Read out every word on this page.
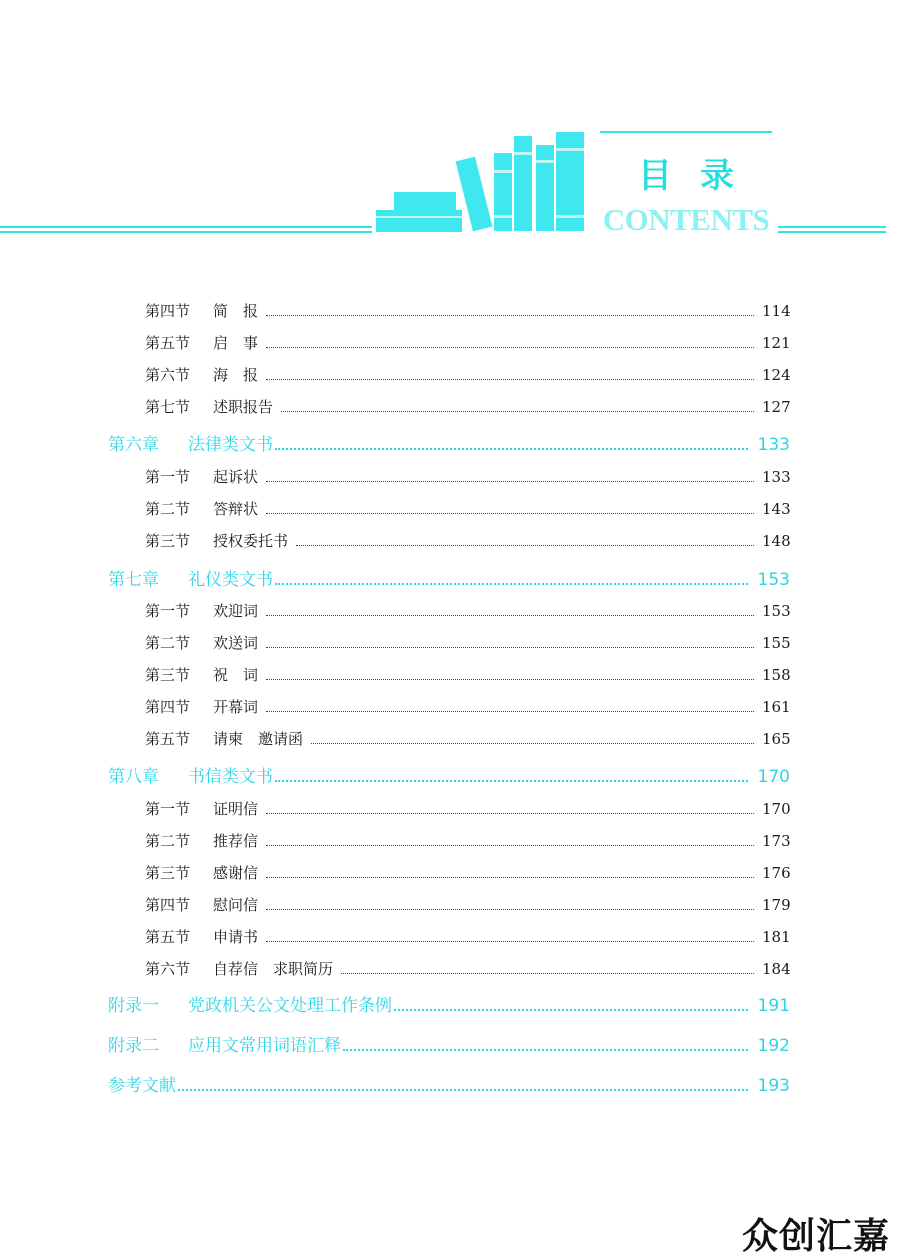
目录
CONTENTS
第四节	简　报	114
第五节	启　事	121
第六节	海　报	124
第七节	述职报告	127
第六章	法律类文书	133
第一节	起诉状	133
第二节	答辩状	143
第三节	授权委托书	148
第七章	礼仪类文书	153
第一节	欢迎词	153
第二节	欢送词	155
第三节	祝　词	158
第四节	开幕词	161
第五节	请柬　邀请函	165
第八章	书信类文书	170
第一节	证明信	170
第二节	推荐信	173
第三节	感谢信	176
第四节	慰问信	179
第五节	申请书	181
第六节	自荐信　求职简历	184
附录一	党政机关公文处理工作条例	191
附录二	应用文常用词语汇释	192
参考文献	193
众创汇嘉
